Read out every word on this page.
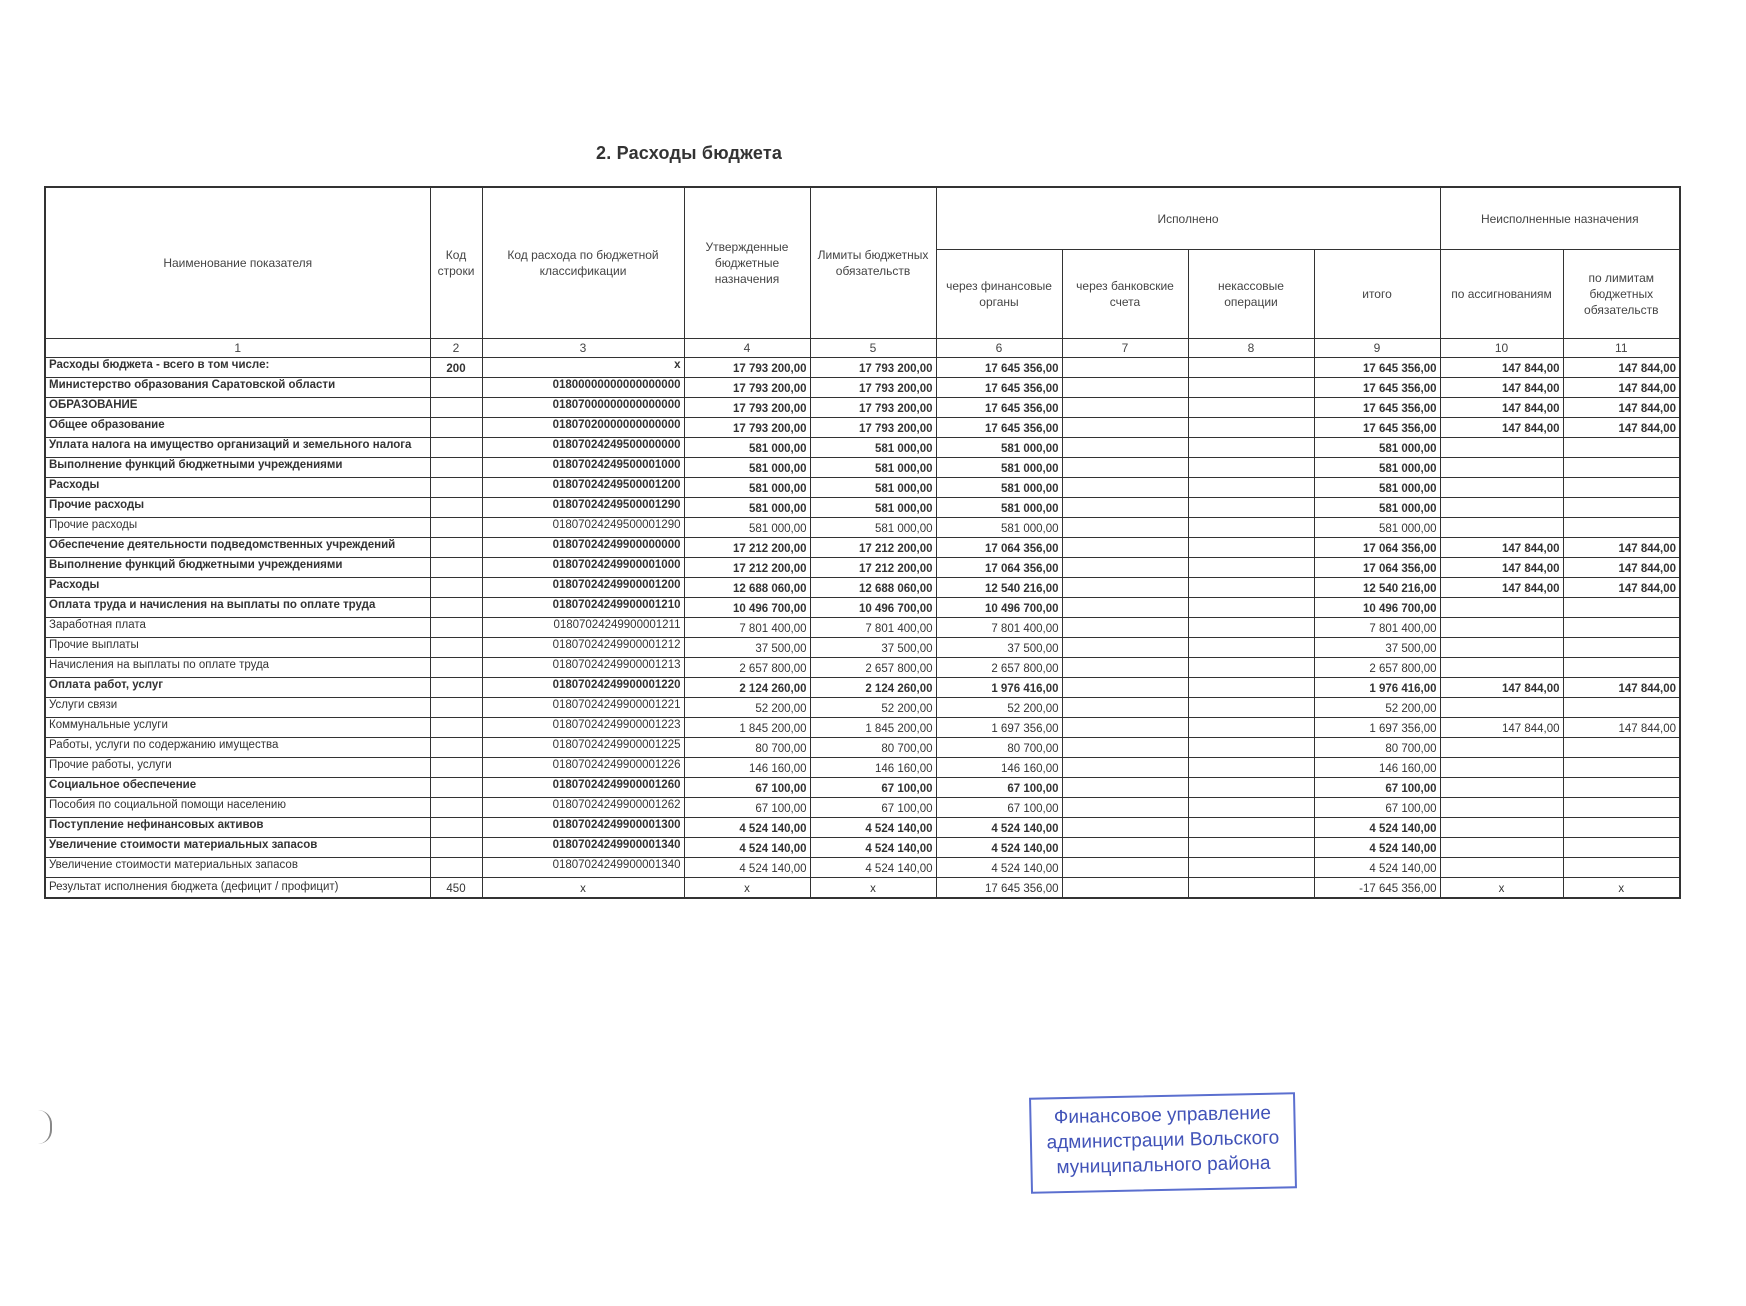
2. Расходы бюджета
Наименование показателя	Код строки	Код расхода по бюджетной классификации	Утвержденные бюджетные назначения	Лимиты бюджетных обязательств	Исполнено				Неисполненные назначения	
					через финансовые органы	через банковские счета	некассовые операции	итого	по ассигнованиям	по лимитам бюджетных обязательств
1	2	3	4	5	6	7	8	9	10	11
Расходы бюджета - всего в том числе:	200	x	17 793 200,00	17 793 200,00	17 645 356,00			17 645 356,00	147 844,00	147 844,00
Министерство образования Саратовской области		01800000000000000000	17 793 200,00	17 793 200,00	17 645 356,00			17 645 356,00	147 844,00	147 844,00
ОБРАЗОВАНИЕ		01807000000000000000	17 793 200,00	17 793 200,00	17 645 356,00			17 645 356,00	147 844,00	147 844,00
Общее образование		01807020000000000000	17 793 200,00	17 793 200,00	17 645 356,00			17 645 356,00	147 844,00	147 844,00
Уплата налога на имущество организаций и земельного налога		01807024249500000000	581 000,00	581 000,00	581 000,00			581 000,00		
Выполнение функций бюджетными учреждениями		01807024249500001000	581 000,00	581 000,00	581 000,00			581 000,00		
Расходы		01807024249500001200	581 000,00	581 000,00	581 000,00			581 000,00		
Прочие расходы		01807024249500001290	581 000,00	581 000,00	581 000,00			581 000,00		
Прочие расходы		01807024249500001290	581 000,00	581 000,00	581 000,00			581 000,00		
Обеспечение деятельности подведомственных учреждений		01807024249900000000	17 212 200,00	17 212 200,00	17 064 356,00			17 064 356,00	147 844,00	147 844,00
Выполнение функций бюджетными учреждениями		01807024249900001000	17 212 200,00	17 212 200,00	17 064 356,00			17 064 356,00	147 844,00	147 844,00
Расходы		01807024249900001200	12 688 060,00	12 688 060,00	12 540 216,00			12 540 216,00	147 844,00	147 844,00
Оплата труда и начисления на выплаты по оплате труда		01807024249900001210	10 496 700,00	10 496 700,00	10 496 700,00			10 496 700,00		
Заработная плата		01807024249900001211	7 801 400,00	7 801 400,00	7 801 400,00			7 801 400,00		
Прочие выплаты		01807024249900001212	37 500,00	37 500,00	37 500,00			37 500,00		
Начисления на выплаты по оплате труда		01807024249900001213	2 657 800,00	2 657 800,00	2 657 800,00			2 657 800,00		
Оплата работ, услуг		01807024249900001220	2 124 260,00	2 124 260,00	1 976 416,00			1 976 416,00	147 844,00	147 844,00
Услуги связи		01807024249900001221	52 200,00	52 200,00	52 200,00			52 200,00		
Коммунальные услуги		01807024249900001223	1 845 200,00	1 845 200,00	1 697 356,00			1 697 356,00	147 844,00	147 844,00
Работы, услуги по содержанию имущества		01807024249900001225	80 700,00	80 700,00	80 700,00			80 700,00		
Прочие работы, услуги		01807024249900001226	146 160,00	146 160,00	146 160,00			146 160,00		
Социальное обеспечение		01807024249900001260	67 100,00	67 100,00	67 100,00			67 100,00		
Пособия по социальной помощи населению		01807024249900001262	67 100,00	67 100,00	67 100,00			67 100,00		
Поступление нефинансовых активов		01807024249900001300	4 524 140,00	4 524 140,00	4 524 140,00			4 524 140,00		
Увеличение стоимости материальных запасов		01807024249900001340	4 524 140,00	4 524 140,00	4 524 140,00			4 524 140,00		
Увеличение стоимости материальных запасов		01807024249900001340	4 524 140,00	4 524 140,00	4 524 140,00			4 524 140,00		
Результат исполнения бюджета (дефицит / профицит)	450	x	x	x	17 645 356,00			-17 645 356,00	x	x
Финансовое управление
администрации Вольского
муниципального района
